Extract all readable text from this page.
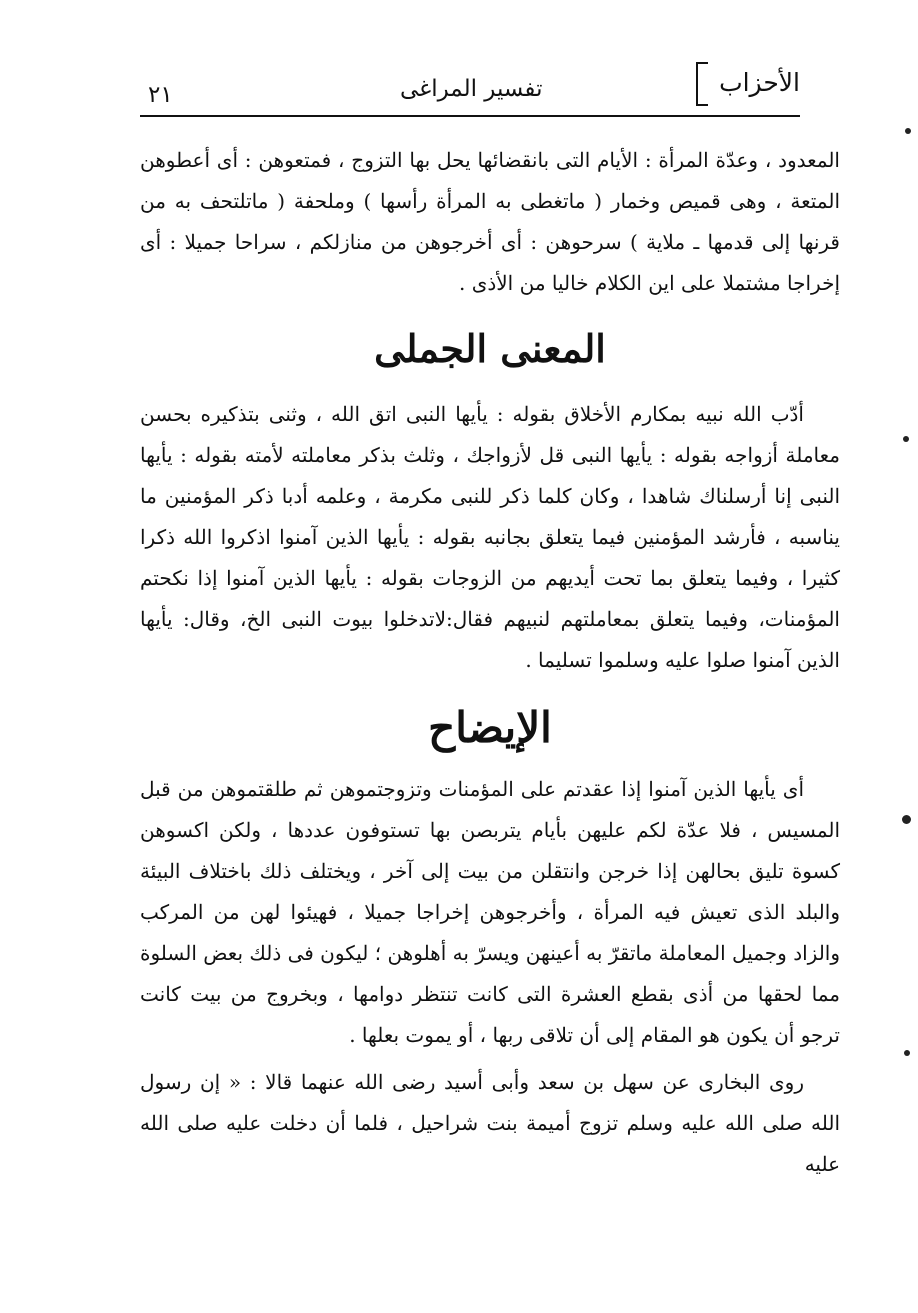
الأحزاب
تفسير المراغى
٢١

المعدود ، وعدّة المرأة : الأيام التى بانقضائها يحل بها التزوج ، فمتعوهن : أى أعطوهن المتعة ، وهى قميص وخمار ( ماتغطى به المرأة رأسها ) وملحفة ( ماتلتحف به من قرنها إلى قدمها ـ ملاية ) سرحوهن : أى أخرجوهن من منازلكم ، سراحا جميلا : أى إخراجا مشتملا على اين الكلام خاليا من الأذى .

المعنى الجملى

أدّب الله نبيه بمكارم الأخلاق بقوله : يأيها النبى اتق الله ، وثنى بتذكيره بحسن معاملة أزواجه بقوله : يأيها النبى قل لأزواجك ، وثلث بذكر معاملته لأمته بقوله : يأيها النبى إنا أرسلناك شاهدا ، وكان كلما ذكر للنبى مكرمة ، وعلمه أدبا ذكر المؤمنين ما يناسبه ، فأرشد المؤمنين فيما يتعلق بجانبه بقوله : يأيها الذين آمنوا اذكروا الله ذكرا كثيرا ، وفيما يتعلق بما تحت أيديهم من الزوجات بقوله : يأيها الذين آمنوا إذا نكحتم المؤمنات، وفيما يتعلق بمعاملتهم لنبيهم فقال:لاتدخلوا بيوت النبى الخ، وقال: يأيها الذين آمنوا صلوا عليه وسلموا تسليما .

الإيضاح

أى يأيها الذين آمنوا إذا عقدتم على المؤمنات وتزوجتموهن ثم طلقتموهن من قبل المسيس ، فلا عدّة لكم عليهن بأيام يتربصن بها تستوفون عددها ، ولكن اكسوهن كسوة تليق بحالهن إذا خرجن وانتقلن من بيت إلى آخر ، ويختلف ذلك باختلاف البيئة والبلد الذى تعيش فيه المرأة ، وأخرجوهن إخراجا جميلا ، فهيئوا لهن من المركب والزاد وجميل المعاملة ماتقرّ به أعينهن ويسرّ به أهلوهن ؛ ليكون فى ذلك بعض السلوة مما لحقها من أذى بقطع العشرة التى كانت تنتظر دوامها ، وبخروج من بيت كانت ترجو أن يكون هو المقام إلى أن تلاقى ربها ، أو يموت بعلها .

روى البخارى عن سهل بن سعد وأبى أسيد رضى الله عنهما قالا : « إن رسول الله صلى الله عليه وسلم تزوج أميمة بنت شراحيل ، فلما أن دخلت عليه صلى الله عليه
